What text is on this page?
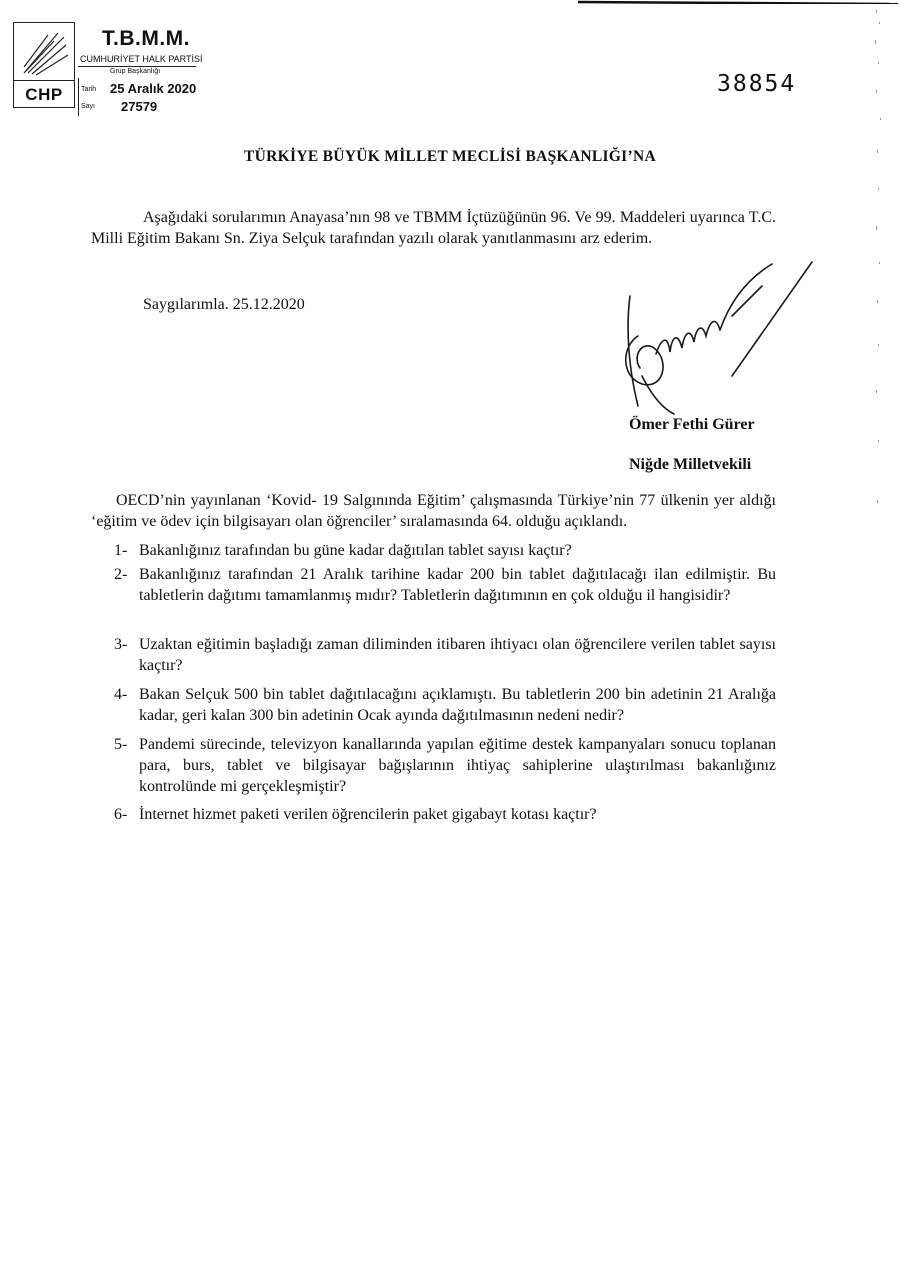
CHP
T.B.M.M.
CUMHURİYET HALK PARTİSİ
Grup Başkanlığı
Tarih 25 Aralık 2020
Sayı 27579
38854
TÜRKİYE BÜYÜK MİLLET MECLİSİ BAŞKANLIĞI’NA
Aşağıdaki sorularımın Anayasa’nın 98 ve TBMM İçtüzüğünün 96. Ve 99. Maddeleri uyarınca T.C. Milli Eğitim Bakanı Sn. Ziya Selçuk tarafından yazılı olarak yanıtlanmasını arz ederim.
Saygılarımla. 25.12.2020
Ömer Fethi Gürer
Niğde Milletvekili
OECD’nin yayınlanan ‘Kovid- 19 Salgınında Eğitim’ çalışmasında Türkiye’nin 77 ülkenin yer aldığı ‘eğitim ve ödev için bilgisayarı olan öğrenciler’ sıralamasında 64. olduğu açıklandı.
1- Bakanlığınız tarafından bu güne kadar dağıtılan tablet sayısı kaçtır?
2- Bakanlığınız tarafından 21 Aralık tarihine kadar 200 bin tablet dağıtılacağı ilan edilmiştir. Bu tabletlerin dağıtımı tamamlanmış mıdır? Tabletlerin dağıtımının en çok olduğu il hangisidir?
3- Uzaktan eğitimin başladığı zaman diliminden itibaren ihtiyacı olan öğrencilere verilen tablet sayısı kaçtır?
4- Bakan Selçuk 500 bin tablet dağıtılacağını açıklamıştı. Bu tabletlerin 200 bin adetinin 21 Aralığa kadar, geri kalan 300 bin adetinin Ocak ayında dağıtılmasının nedeni nedir?
5- Pandemi sürecinde, televizyon kanallarında yapılan eğitime destek kampanyaları sonucu toplanan para, burs, tablet ve bilgisayar bağışlarının ihtiyaç sahiplerine ulaştırılması bakanlığınız kontrolünde mi gerçekleşmiştir?
6- İnternet hizmet paketi verilen öğrencilerin paket gigabayt kotası kaçtır?
